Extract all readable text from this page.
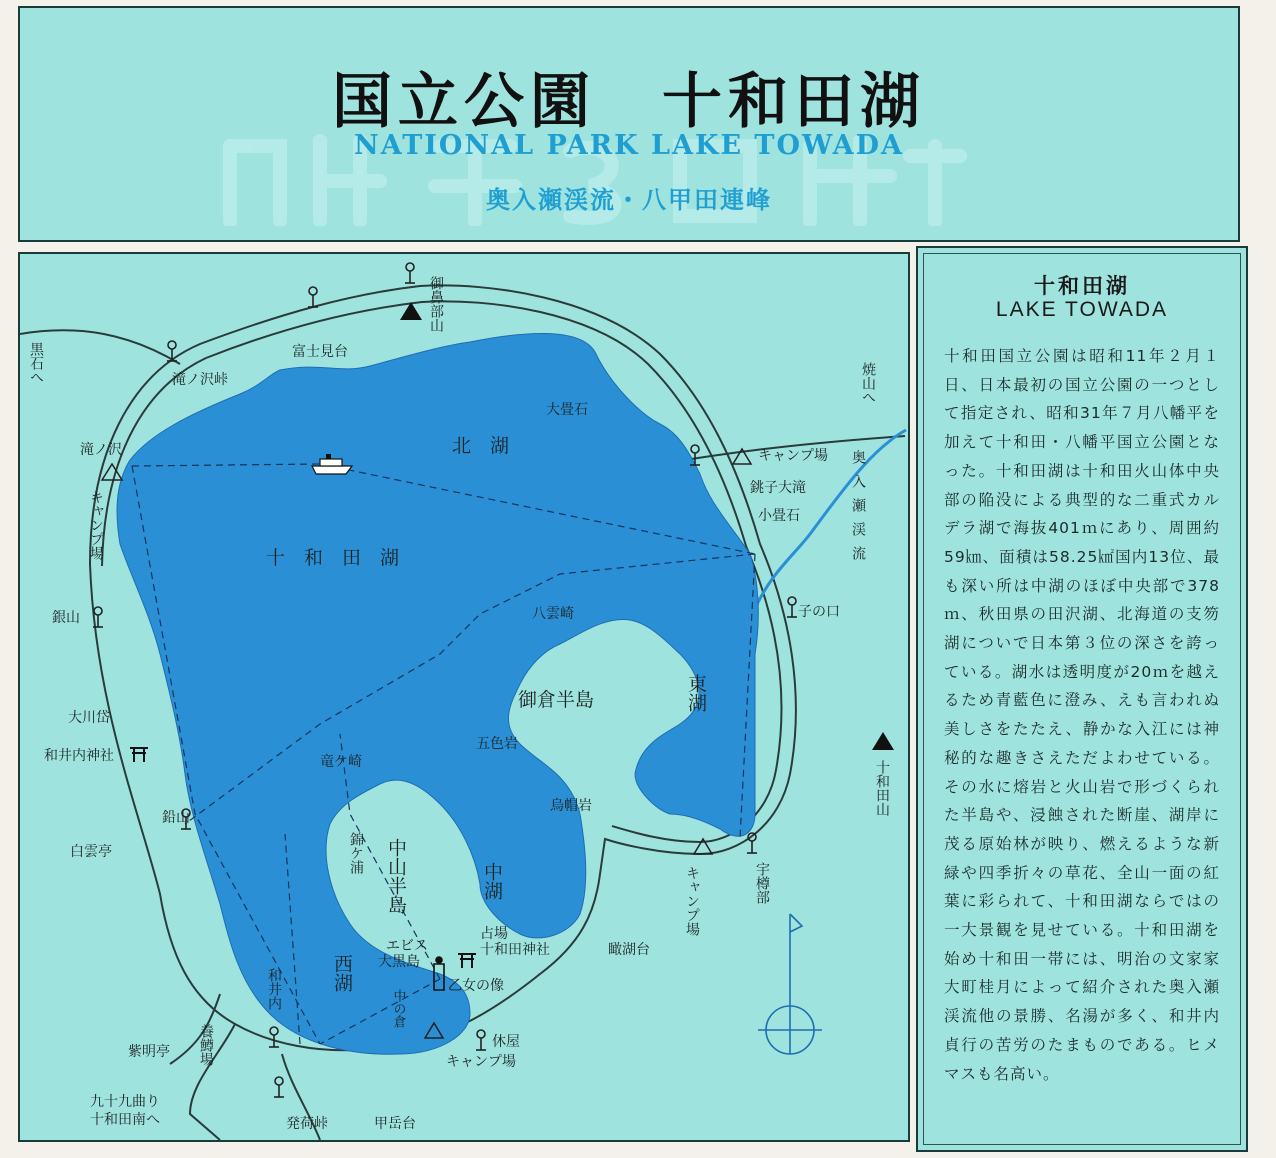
国立公園　十和田湖
NATIONAL PARK LAKE TOWADA
奥入瀬渓流・八甲田連峰
北　湖
十　和　田　湖
御倉半島	東湖
中湖
西湖
中山半島
中の倉
富士見台
滝ノ沢峠
滝ノ沢
大畳石
キャンプ場
銚子大滝
小畳石
子の口
銀山	八雲崎
大川岱
和井内神社
五色岩
竜ケ崎
烏帽岩
鉛山
白雲亭
瞰湖台
エビス
大黒島
占場
十和田神社
乙女の像
休屋
紫明亭
キャンプ場
九十九曲り
十和田南へ	発荷峠	甲岳台
御鼻部山
黒石へ
キャンプ場
焼山へ
奥入瀬渓流
十和田山
錦ケ浦
キャンプ場	宇樽部
和井内
養鱒場
十和田湖
LAKE TOWADA
十和田国立公園は昭和11年２月１日、日本最初の国立公園の一つとして指定され、昭和31年７月八幡平を加えて十和田・八幡平国立公園となった。十和田湖は十和田火山体中央部の陥没による典型的な二重式カルデラ湖で海抜401ｍにあり、周囲約59㎞、面積は58.25㎢国内13位、最も深い所は中湖のほぼ中央部で378ｍ、秋田県の田沢湖、北海道の支笏湖についで日本第３位の深さを誇っている。湖水は透明度が20ｍを越えるため青藍色に澄み、えも言われぬ美しさをたたえ、静かな入江には神秘的な趣きさえただよわせている。その水に熔岩と火山岩で形づくられた半島や、浸蝕された断崖、湖岸に茂る原始林が映り、燃えるような新緑や四季折々の草花、全山一面の紅葉に彩られて、十和田湖ならではの一大景観を見せている。十和田湖を始め十和田一帯には、明治の文家家大町桂月によって紹介された奥入瀬渓流他の景勝、名湯が多く、和井内貞行の苦労のたまものである。ヒメマスも名高い。
